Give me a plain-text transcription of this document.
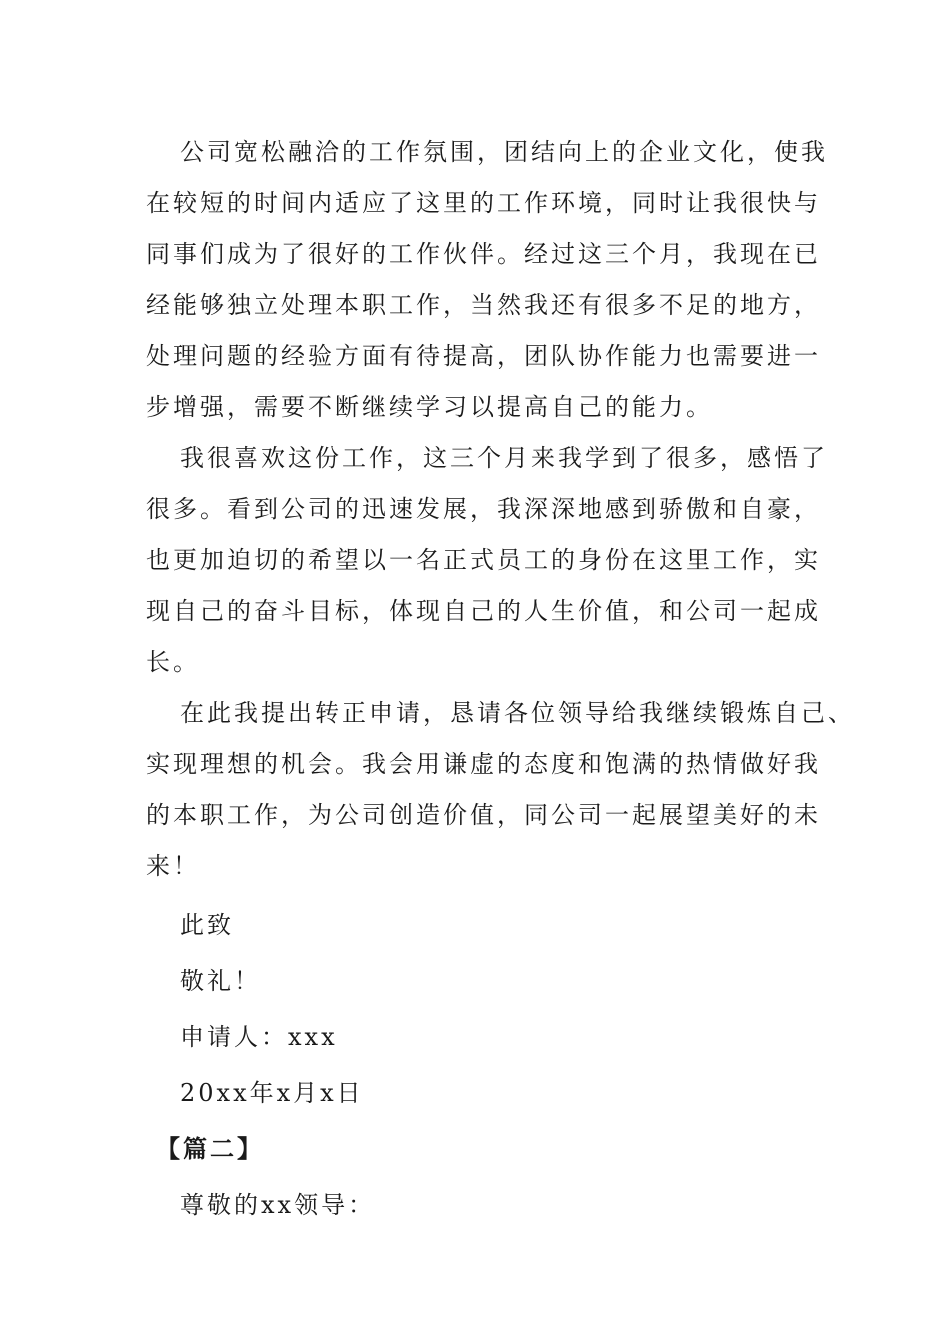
公司宽松融洽的工作氛围，团结向上的企业文化，使我
在较短的时间内适应了这里的工作环境，同时让我很快与
同事们成为了很好的工作伙伴。经过这三个月，我现在已
经能够独立处理本职工作，当然我还有很多不足的地方，
处理问题的经验方面有待提高，团队协作能力也需要进一
步增强，需要不断继续学习以提高自己的能力。
我很喜欢这份工作，这三个月来我学到了很多，感悟了
很多。看到公司的迅速发展，我深深地感到骄傲和自豪，
也更加迫切的希望以一名正式员工的身份在这里工作，实
现自己的奋斗目标，体现自己的人生价值，和公司一起成
长。
在此我提出转正申请，恳请各位领导给我继续锻炼自己、
实现理想的机会。我会用谦虚的态度和饱满的热情做好我
的本职工作，为公司创造价值，同公司一起展望美好的未
来！

此致

敬礼！

申请人：xxx

20xx年x月x日

【篇二】

尊敬的xx领导：
